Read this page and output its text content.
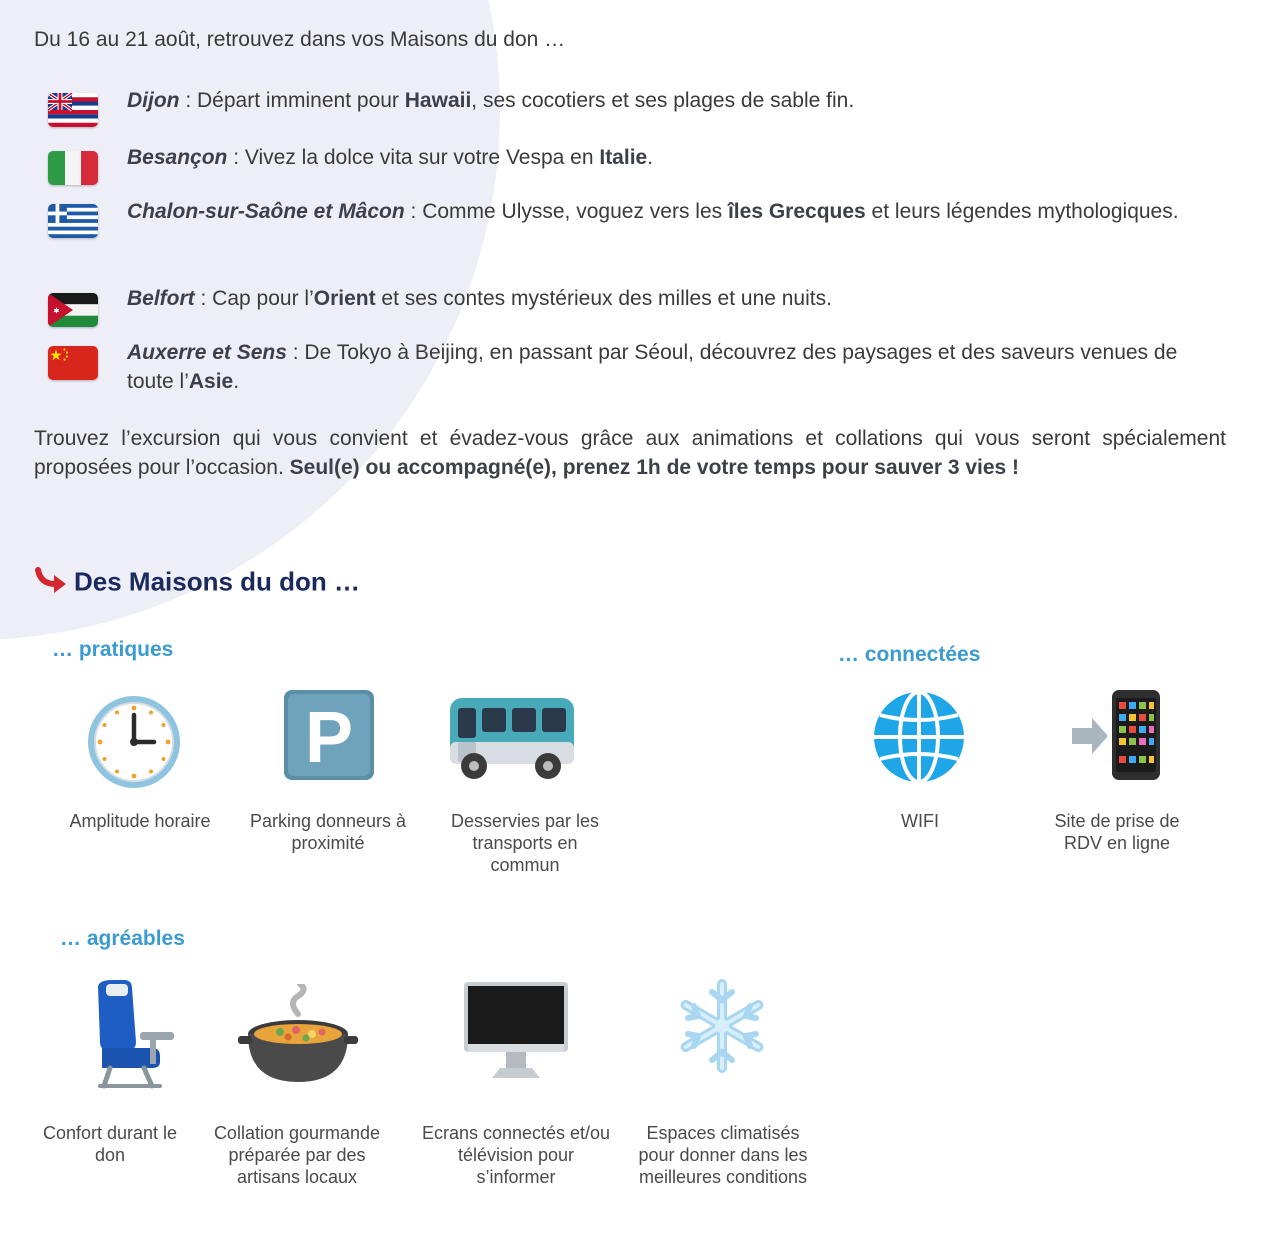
Du 16 au 21 août, retrouvez dans vos Maisons du don …
Dijon : Départ imminent pour Hawaii, ses cocotiers et ses plages de sable fin.
Besançon : Vivez la dolce vita sur votre Vespa en Italie.
Chalon-sur-Saône et Mâcon : Comme Ulysse, voguez vers les îles Grecques et leurs légendes mythologiques.
Belfort : Cap pour l’Orient et ses contes mystérieux des milles et une nuits.
Auxerre et Sens : De Tokyo à Beijing, en passant par Séoul, découvrez des paysages et des saveurs venues de toute l’Asie.
Trouvez l’excursion qui vous convient et évadez-vous grâce aux animations et collations qui vous seront spécialement proposées pour l’occasion. Seul(e) ou accompagné(e), prenez 1h de votre temps pour sauver 3 vies !
Des Maisons du don …
… pratiques
Amplitude horaire
P
Parking donneurs à proximité
Desservies par les transports en commun
… connectées
WIFI	Site de prise de RDV en ligne
… agréables
Confort durant le don
Collation gourmande préparée par des artisans locaux
Ecrans connectés et/ou télévision pour s’informer
Espaces climatisés pour donner dans les meilleures conditions
